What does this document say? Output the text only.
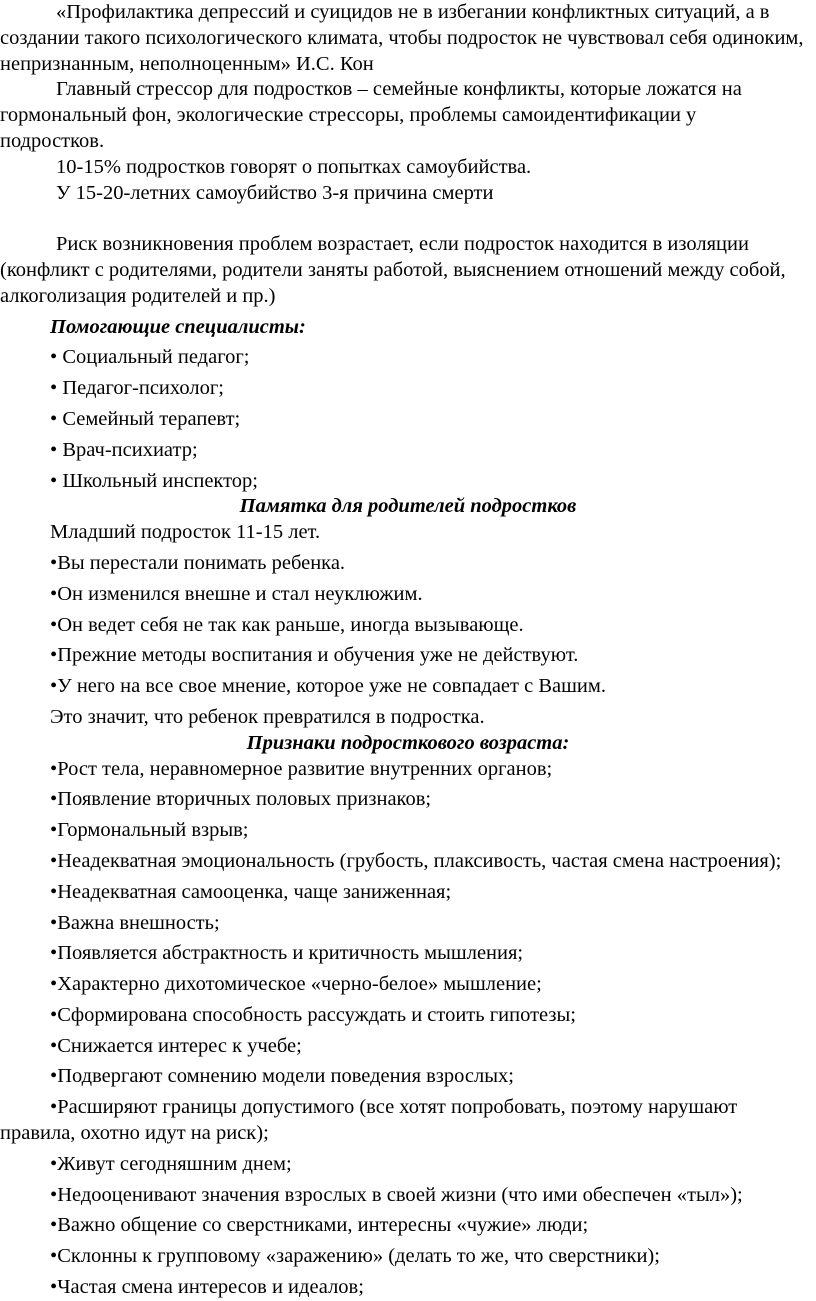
«Профилактика депрессий и суицидов не в избегании конфликтных ситуаций, а в создании такого психологического климата, чтобы подросток не чувствовал себя одиноким, непризнанным, неполноценным» И.С. Кон

Главный стрессор для подростков – семейные конфликты, которые ложатся на гормональный фон, экологические стрессоры, проблемы самоидентификации у подростков.

10-15% подростков говорят о попытках самоубийства.

У 15-20-летних самоубийство 3-я причина смерти

Риск возникновения проблем возрастает, если подросток находится в изоляции (конфликт с родителями, родители заняты работой, выяснением отношений между собой, алкоголизация родителей и пр.)

Помогающие специалисты:
• Социальный педагог;
• Педагог-психолог;
• Семейный терапевт;
• Врач-психиатр;
• Школьный инспектор;
Памятка для родителей подростков
Младший подросток 11-15 лет.
•Вы перестали понимать ребенка.
•Он изменился внешне и стал неуклюжим.
•Он ведет себя не так как раньше, иногда вызывающе.
•Прежние методы воспитания и обучения уже не действуют.
•У него на все свое мнение, которое уже не совпадает с Вашим.
Это значит, что ребенок превратился в подростка.
Признаки подросткового возраста:
•Рост тела, неравномерное развитие внутренних органов;
•Появление вторичных половых признаков;
•Гормональный взрыв;
•Неадекватная эмоциональность (грубость, плаксивость, частая смена настроения);
•Неадекватная самооценка, чаще заниженная;
•Важна внешность;
•Появляется абстрактность и критичность мышления;
•Характерно дихотомическое «черно-белое» мышление;
•Сформирована способность рассуждать и стоить гипотезы;
•Снижается интерес к учебе;
•Подвергают сомнению модели поведения взрослых;
•Расширяют границы допустимого (все хотят попробовать, поэтому нарушают правила, охотно идут на риск);
•Живут сегодняшним днем;
•Недооценивают значения взрослых в своей жизни (что ими обеспечен «тыл»);
•Важно общение со сверстниками, интересны «чужие» люди;
•Склонны к групповому «заражению» (делать то же, что сверстники);
•Частая смена интересов и идеалов;
